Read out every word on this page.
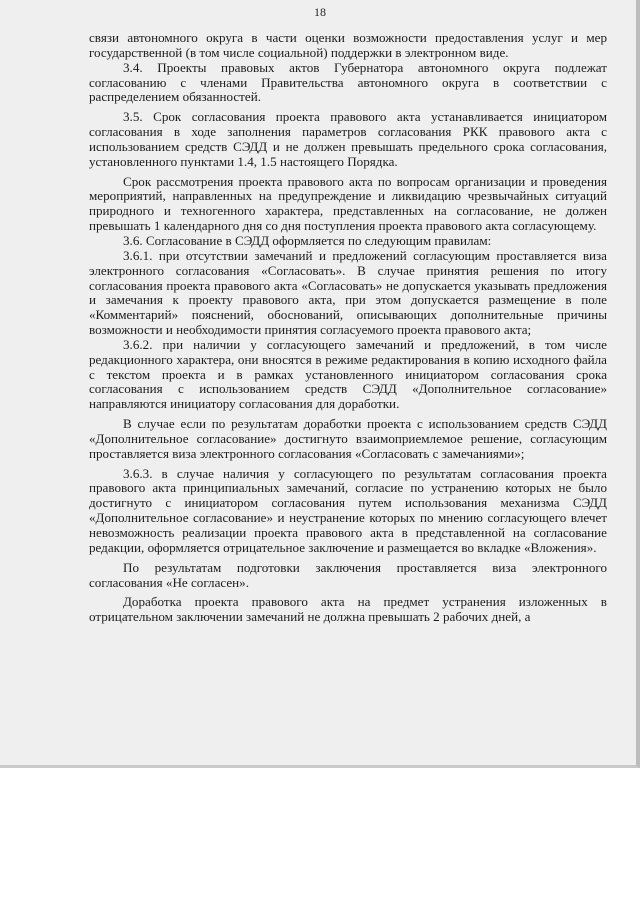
18

связи автономного округа в части оценки возможности предоставления услуг и мер государственной (в том числе социальной) поддержки в электронном виде.

3.4. Проекты правовых актов Губернатора автономного округа подлежат согласованию с членами Правительства автономного округа в соответствии с распределением обязанностей.

3.5. Срок согласования проекта правового акта устанавливается инициатором согласования в ходе заполнения параметров согласования РКК правового акта с использованием средств СЭДД и не должен превышать предельного срока согласования, установленного пунктами 1.4, 1.5 настоящего Порядка.

Срок рассмотрения проекта правового акта по вопросам организации и проведения мероприятий, направленных на предупреждение и ликвидацию чрезвычайных ситуаций природного и техногенного характера, представленных на согласование, не должен превышать 1 календарного дня со дня поступления проекта правового акта согласующему.

3.6. Согласование в СЭДД оформляется по следующим правилам:

3.6.1. при отсутствии замечаний и предложений согласующим проставляется виза электронного согласования «Согласовать». В случае принятия решения по итогу согласования проекта правового акта «Согласовать» не допускается указывать предложения и замечания к проекту правового акта, при этом допускается размещение в поле «Комментарий» пояснений, обоснований, описывающих дополнительные причины возможности и необходимости принятия согласуемого проекта правового акта;

3.6.2. при наличии у согласующего замечаний и предложений, в том числе редакционного характера, они вносятся в режиме редактирования в копию исходного файла с текстом проекта и в рамках установленного инициатором согласования срока согласования с использованием средств СЭДД «Дополнительное согласование» направляются инициатору согласования для доработки.

В случае если по результатам доработки проекта с использованием средств СЭДД «Дополнительное согласование» достигнуто взаимоприемлемое решение, согласующим проставляется виза электронного согласования «Согласовать с замечаниями»;

3.6.3. в случае наличия у согласующего по результатам согласования проекта правового акта принципиальных замечаний, согласие по устранению которых не было достигнуто с инициатором согласования путем использования механизма СЭДД «Дополнительное согласование» и неустранение которых по мнению согласующего влечет невозможность реализации проекта правового акта в представленной на согласование редакции, оформляется отрицательное заключение и размещается во вкладке «Вложения».

По результатам подготовки заключения проставляется виза электронного согласования «Не согласен».

Доработка проекта правового акта на предмет устранения изложенных в отрицательном заключении замечаний не должна превышать 2 рабочих дней, а
